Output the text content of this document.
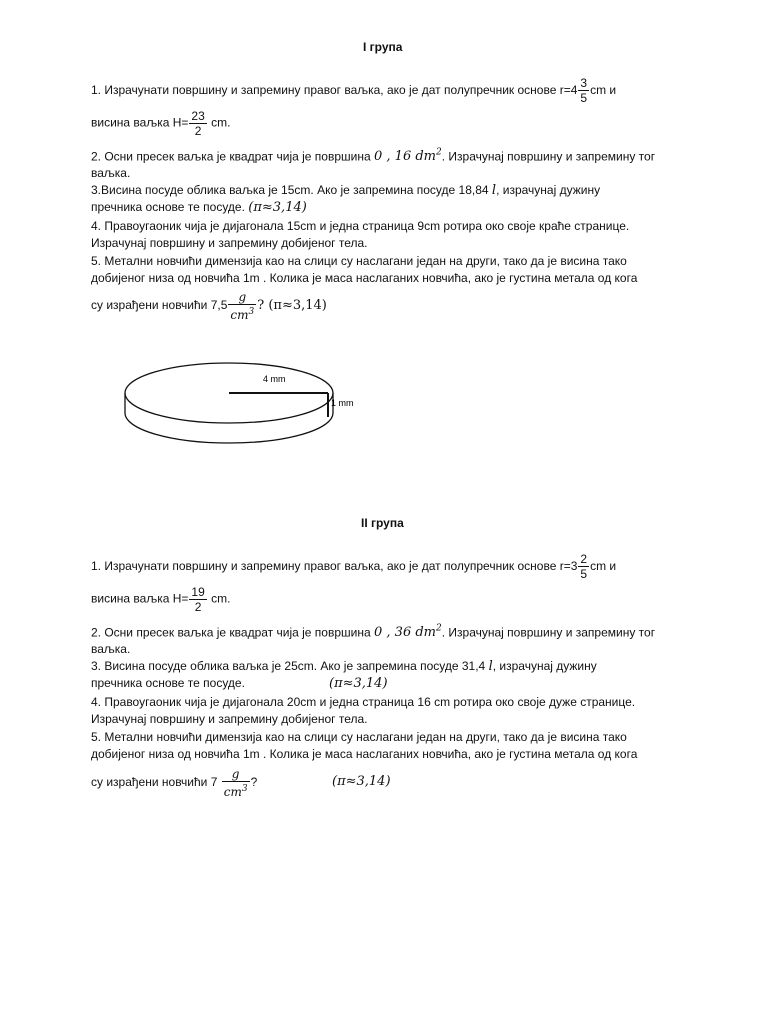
I група
1. Израчунати површину и запремину правог ваљка, ако је дат полупречник основе $r=4 \frac{3}{5}$ cm и
висина ваљка $H= \frac{23}{2}$ cm.
2. Осни пресек ваљка је квадрат чија је површина 0 , 16 $dm^2$. Израчунај површину и запремину тог
ваљка.
3.Висина посуде облика ваљка је 15cm. Ако је запремина посуде 18,84 l, израчунај дужину
пречника основе те посуде. (π≈3,14)
4. Правоугаоник чија је дијагонала 15cm и једна страница 9cm ротира око своје краће странице.
Израчунај површину и запремину добијеног тела.
5. Метални новчићи димензија као на слици су наслагани један на други, тако да је висина тако
добијеног низа од новчића 1m . Колика је маса наслаганих новчића, ако је густина метала од кога
су израђени новчићи $7,5 \frac{g}{cm^3}$ ? (π≈3,14)
4 mm
1 mm
II група
1. Израчунати површину и запремину правог ваљка, ако је дат полупречник основе $r=3 \frac{2}{5}$ cm и
висина ваљка $H= \frac{19}{2}$ cm.
2. Осни пресек ваљка је квадрат чија је површина 0 , 36 $dm^2$. Израчунај површину и запремину тог
ваљка.
3. Висина посуде облика ваљка је 25cm. Ако је запремина посуде 31,4 l, израчунај дужину
пречника основе те посуде.	(π≈3,14)
4. Правоугаоник чија је дијагонала 20cm и једна страница 16 cm ротира око своје дуже странице.
Израчунај површину и запремину добијеног тела.
5. Метални новчићи димензија као на слици су наслагани један на други, тако да је висина тако
добијеног низа од новчића 1m . Колика је маса наслаганих новчића, ако је густина метала од кога
су израђени новчићи $7 \frac{g}{cm^3}$ ?	(π≈3,14)
